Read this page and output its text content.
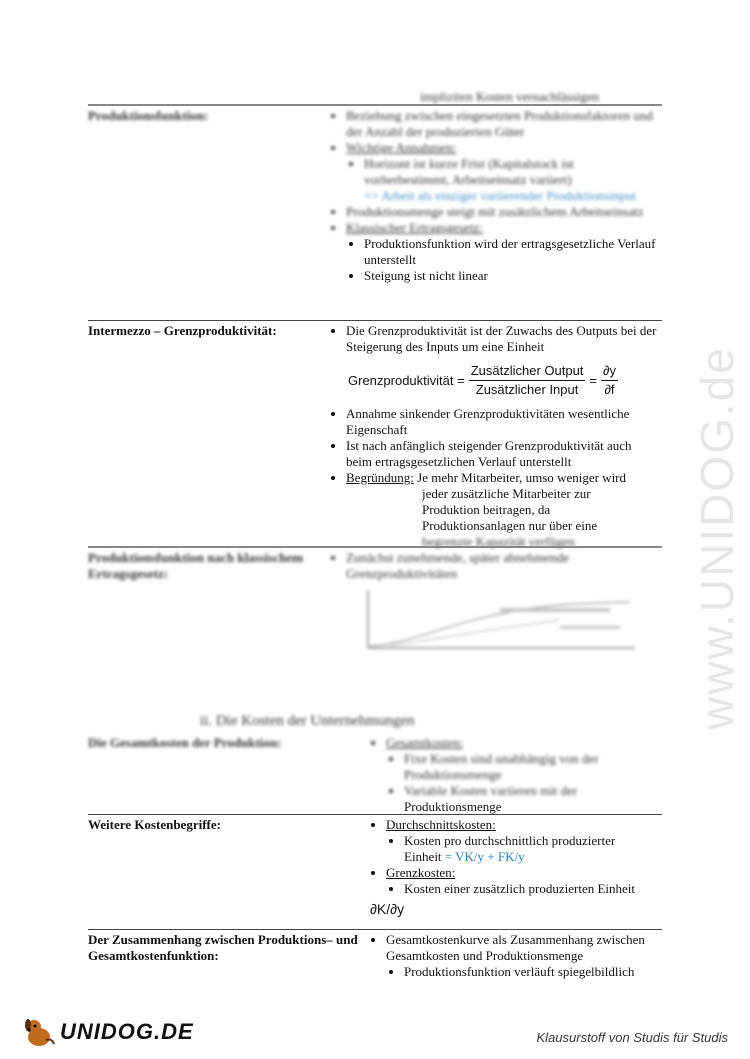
www.UNIDOG.de
impliziten Kosten vernachlässigen
Produktionsfunktion:	• Beziehung zwischen eingesetzten Produktionsfaktoren und der Anzahl der produzierten Güter
• Wichtige Annahmen:
• Horizont ist kurze Frist (Kapitalstock ist vorherbestimmt, Arbeitseinsatz variiert)
=> Arbeit als einziger variierender Produktionsinput
• Produktionsmenge steigt mit zusätzlichem Arbeitseinsatz
• Klassischer Ertragsgesetz:
• Produktionsfunktion wird der ertragsgesetzliche Verlauf unterstellt
• Steigung ist nicht linear
Intermezzo – Grenzproduktivität:	• Die Grenzproduktivität ist der Zuwachs des Outputs bei der Steigerung des Inputs um eine Einheit
Grenzproduktivität = $\frac{\text{Zusätzlicher Output}}{\text{Zusätzlicher Input}} = \frac{\partial y}{\partial f}$
• Annahme sinkender Grenzproduktivitäten wesentliche Eigenschaft
• Ist nach anfänglich steigender Grenzproduktivität auch beim ertragsgesetzlichen Verlauf unterstellt
• Begründung: Je mehr Mitarbeiter, umso weniger wird
jeder zusätzliche Mitarbeiter zur
Produktion beitragen, da
Produktionsanlagen nur über eine
begrenzte Kapazität verfügen
Produktionsfunktion nach klassischem Ertragsgesetz:
• Zunächst zunehmende, später abnehmende Grenzproduktivitäten
ii. Die Kosten der Unternehmungen
Die Gesamtkosten der Produktion:	• Gesamtkosten:
• Fixe Kosten sind unabhängig von der Produktionsmenge
• Variable Kosten variieren mit der
Produktionsmenge
Weitere Kostenbegriffe:	• Durchschnittskosten:
• Kosten pro durchschnittlich produzierter
Einheit = VK/y + FK/y
• Grenzkosten:
• Kosten einer zusätzlich produzierten Einheit
∂K/∂y
Der Zusammenhang zwischen Produktions– und Gesamtkostenfunktion:
• Gesamtkostenkurve als Zusammenhang zwischen Gesamtkosten und Produktionsmenge
• Produktionsfunktion verläuft spiegelbildlich
UNIDOG.DE	Klausurstoff von Studis für Studis
